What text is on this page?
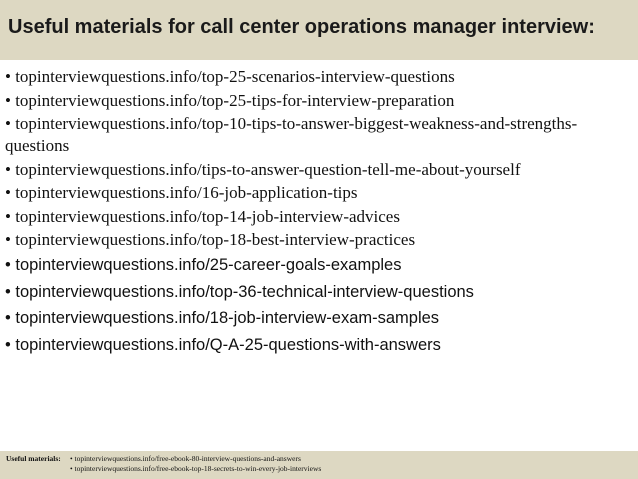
Useful materials for call center operations manager interview:
• topinterviewquestions.info/top-25-scenarios-interview-questions
• topinterviewquestions.info/top-25-tips-for-interview-preparation
• topinterviewquestions.info/top-10-tips-to-answer-biggest-weakness-and-strengths-questions
• topinterviewquestions.info/tips-to-answer-question-tell-me-about-yourself
• topinterviewquestions.info/16-job-application-tips
• topinterviewquestions.info/top-14-job-interview-advices
• topinterviewquestions.info/top-18-best-interview-practices
• topinterviewquestions.info/25-career-goals-examples
• topinterviewquestions.info/top-36-technical-interview-questions
• topinterviewquestions.info/18-job-interview-exam-samples
• topinterviewquestions.info/Q-A-25-questions-with-answers
Useful materials: • topinterviewquestions.info/free-ebook-80-interview-questions-and-answers
• topinterviewquestions.info/free-ebook-top-18-secrets-to-win-every-job-interviews
